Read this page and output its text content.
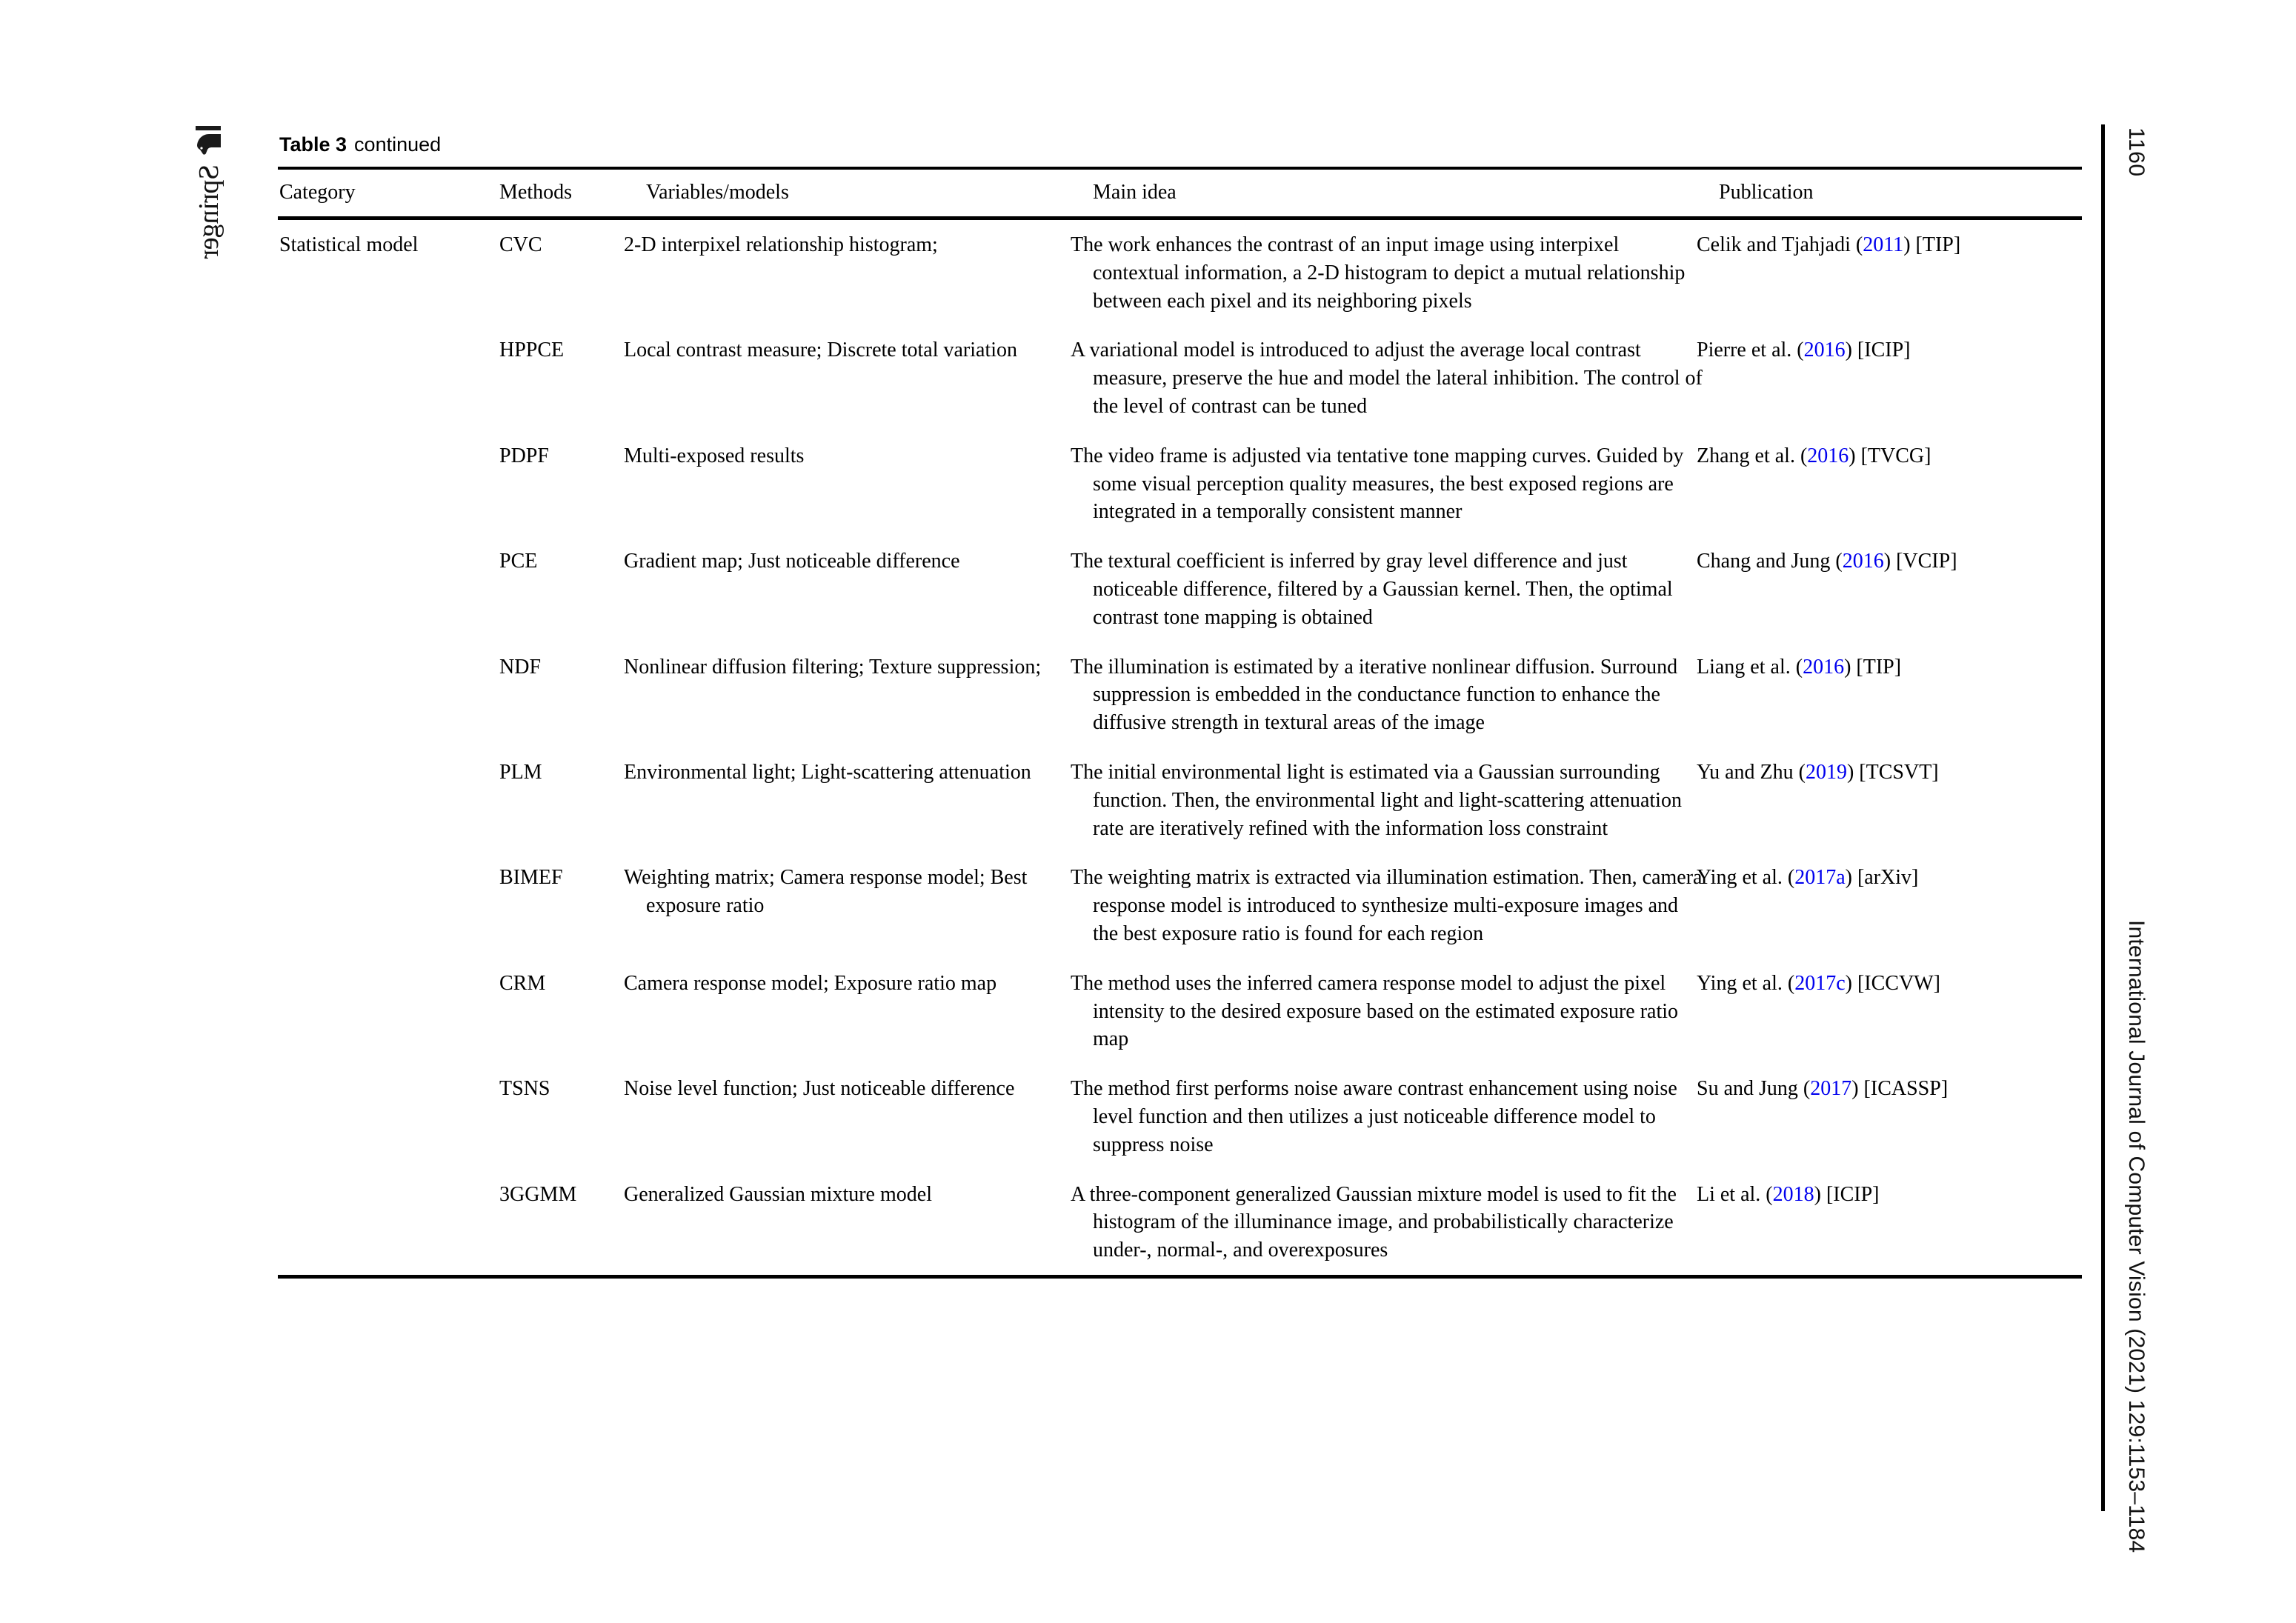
Springer
1160
International Journal of Computer Vision (2021) 129:1153–1184
Table 3 continued
Category	Methods	Variables/models	Main idea	Publication
Statistical model	CVC	2-D interpixel relationship histogram;	The work enhances the contrast of an input image using interpixel contextual information, a 2-D histogram to depict a mutual relationship between each pixel and its neighboring pixels	Celik and Tjahjadi (2011) [TIP]
	HPPCE	Local contrast measure; Discrete total variation	A variational model is introduced to adjust the average local contrast measure, preserve the hue and model the lateral inhibition. The control of the level of contrast can be tuned	Pierre et al. (2016) [ICIP]
	PDPF	Multi-exposed results	The video frame is adjusted via tentative tone mapping curves. Guided by some visual perception quality measures, the best exposed regions are integrated in a temporally consistent manner	Zhang et al. (2016) [TVCG]
	PCE	Gradient map; Just noticeable difference	The textural coefficient is inferred by gray level difference and just noticeable difference, filtered by a Gaussian kernel. Then, the optimal contrast tone mapping is obtained	Chang and Jung (2016) [VCIP]
	NDF	Nonlinear diffusion filtering; Texture suppression;	The illumination is estimated by a iterative nonlinear diffusion. Surround suppression is embedded in the conductance function to enhance the diffusive strength in textural areas of the image	Liang et al. (2016) [TIP]
	PLM	Environmental light; Light-scattering attenuation	The initial environmental light is estimated via a Gaussian surrounding function. Then, the environmental light and light-scattering attenuation rate are iteratively refined with the information loss constraint	Yu and Zhu (2019) [TCSVT]
	BIMEF	Weighting matrix; Camera response model; Best exposure ratio	The weighting matrix is extracted via illumination estimation. Then, camera response model is introduced to synthesize multi-exposure images and the best exposure ratio is found for each region	Ying et al. (2017a) [arXiv]
	CRM	Camera response model; Exposure ratio map	The method uses the inferred camera response model to adjust the pixel intensity to the desired exposure based on the estimated exposure ratio map	Ying et al. (2017c) [ICCVW]
	TSNS	Noise level function; Just noticeable difference	The method first performs noise aware contrast enhancement using noise level function and then utilizes a just noticeable difference model to suppress noise	Su and Jung (2017) [ICASSP]
	3GGMM	Generalized Gaussian mixture model	A three-component generalized Gaussian mixture model is used to fit the histogram of the illuminance image, and probabilistically characterize under-, normal-, and overexposures	Li et al. (2018) [ICIP]
